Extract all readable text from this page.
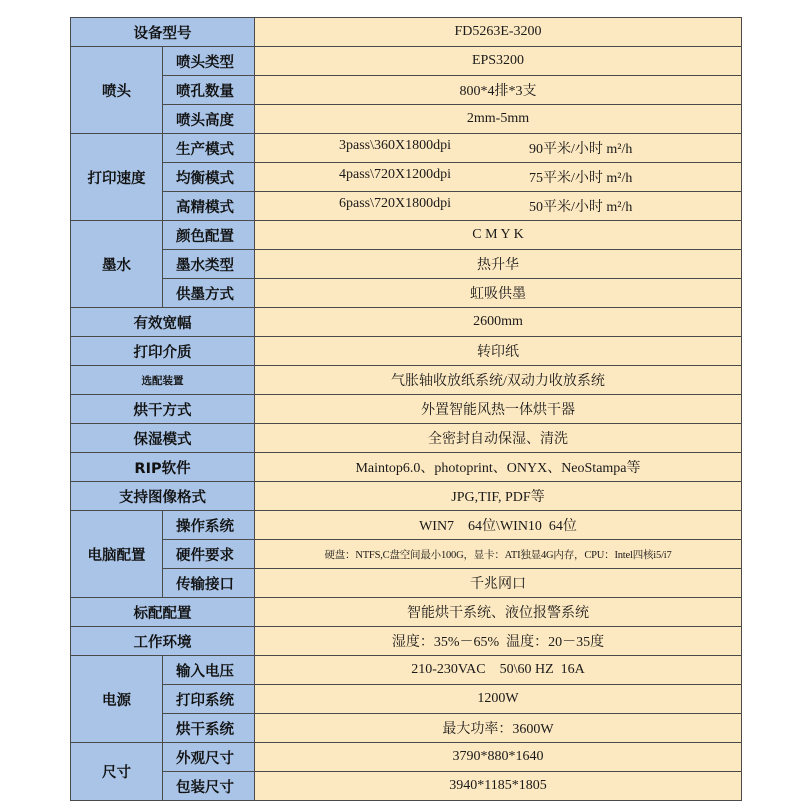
设备型号		FD5263E-3200
喷头	喷头类型	EPS3200
	喷孔数量	800*4排*3支
	喷头高度	2mm-5mm
打印速度	生产模式	3pass\360X1800dpi 90平米/小时 m²/h

	均衡模式	4pass\720X1200dpi 75平米/小时 m²/h

	高精模式	6pass\720X1800dpi 50平米/小时 m²/h

墨水	颜色配置	C M Y K
	墨水类型	热升华
	供墨方式	虹吸供墨
有效宽幅		2600mm
打印介质		转印纸
选配装置		气胀轴收放纸系统/双动力收放系统
烘干方式		外置智能风热一体烘干器
保湿模式		全密封自动保湿、清洗
RIP软件		Maintop6.0、photoprint、ONYX、NeoStampa等
支持图像格式		JPG,TIF, PDF等
电脑配置	操作系统	WIN7    64位\WIN10  64位
	硬件要求	硬盘：NTFS,C盘空间最小100G，显卡：ATI独显4G内存，CPU：Intel四核i5/i7
	传输接口	千兆网口
标配配置		智能烘干系统、液位报警系统
工作环境		湿度：35%－65%  温度：20－35度
电源	输入电压	210-230VAC    50\60 HZ  16A
	打印系统	1200W
	烘干系统	最大功率：3600W
尺寸	外观尺寸	3790*880*1640
	包装尺寸	3940*1185*1805
